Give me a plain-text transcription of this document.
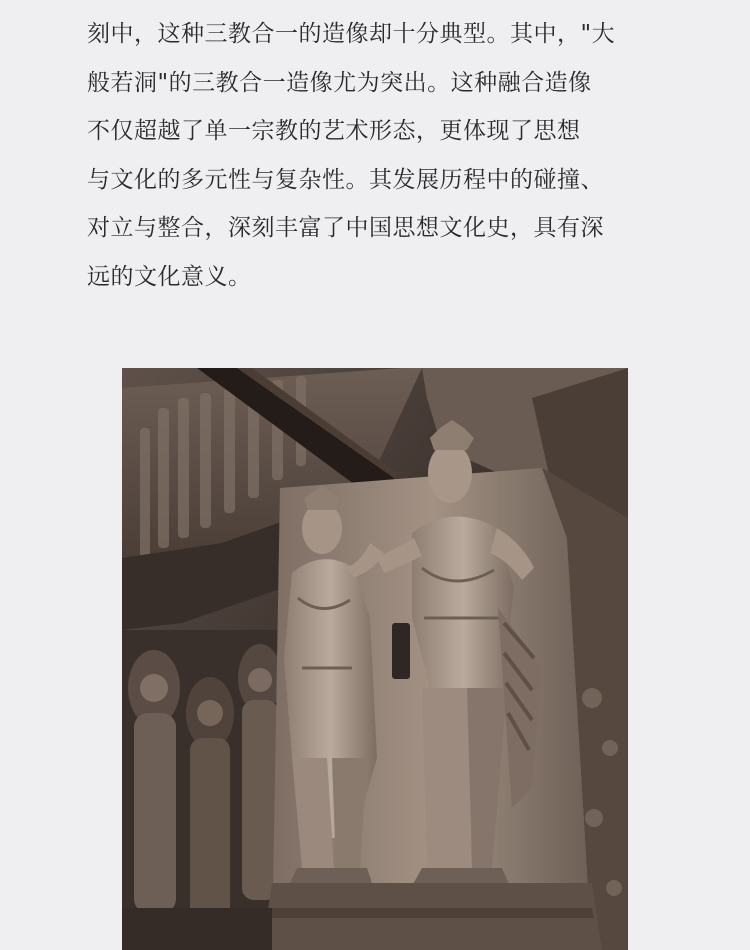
刻中，这种三教合一的造像却十分典型。其中，"大
般若洞"的三教合一造像尤为突出。这种融合造像
不仅超越了单一宗教的艺术形态，更体现了思想
与文化的多元性与复杂性。其发展历程中的碰撞、
对立与整合，深刻丰富了中国思想文化史，具有深
远的文化意义。
